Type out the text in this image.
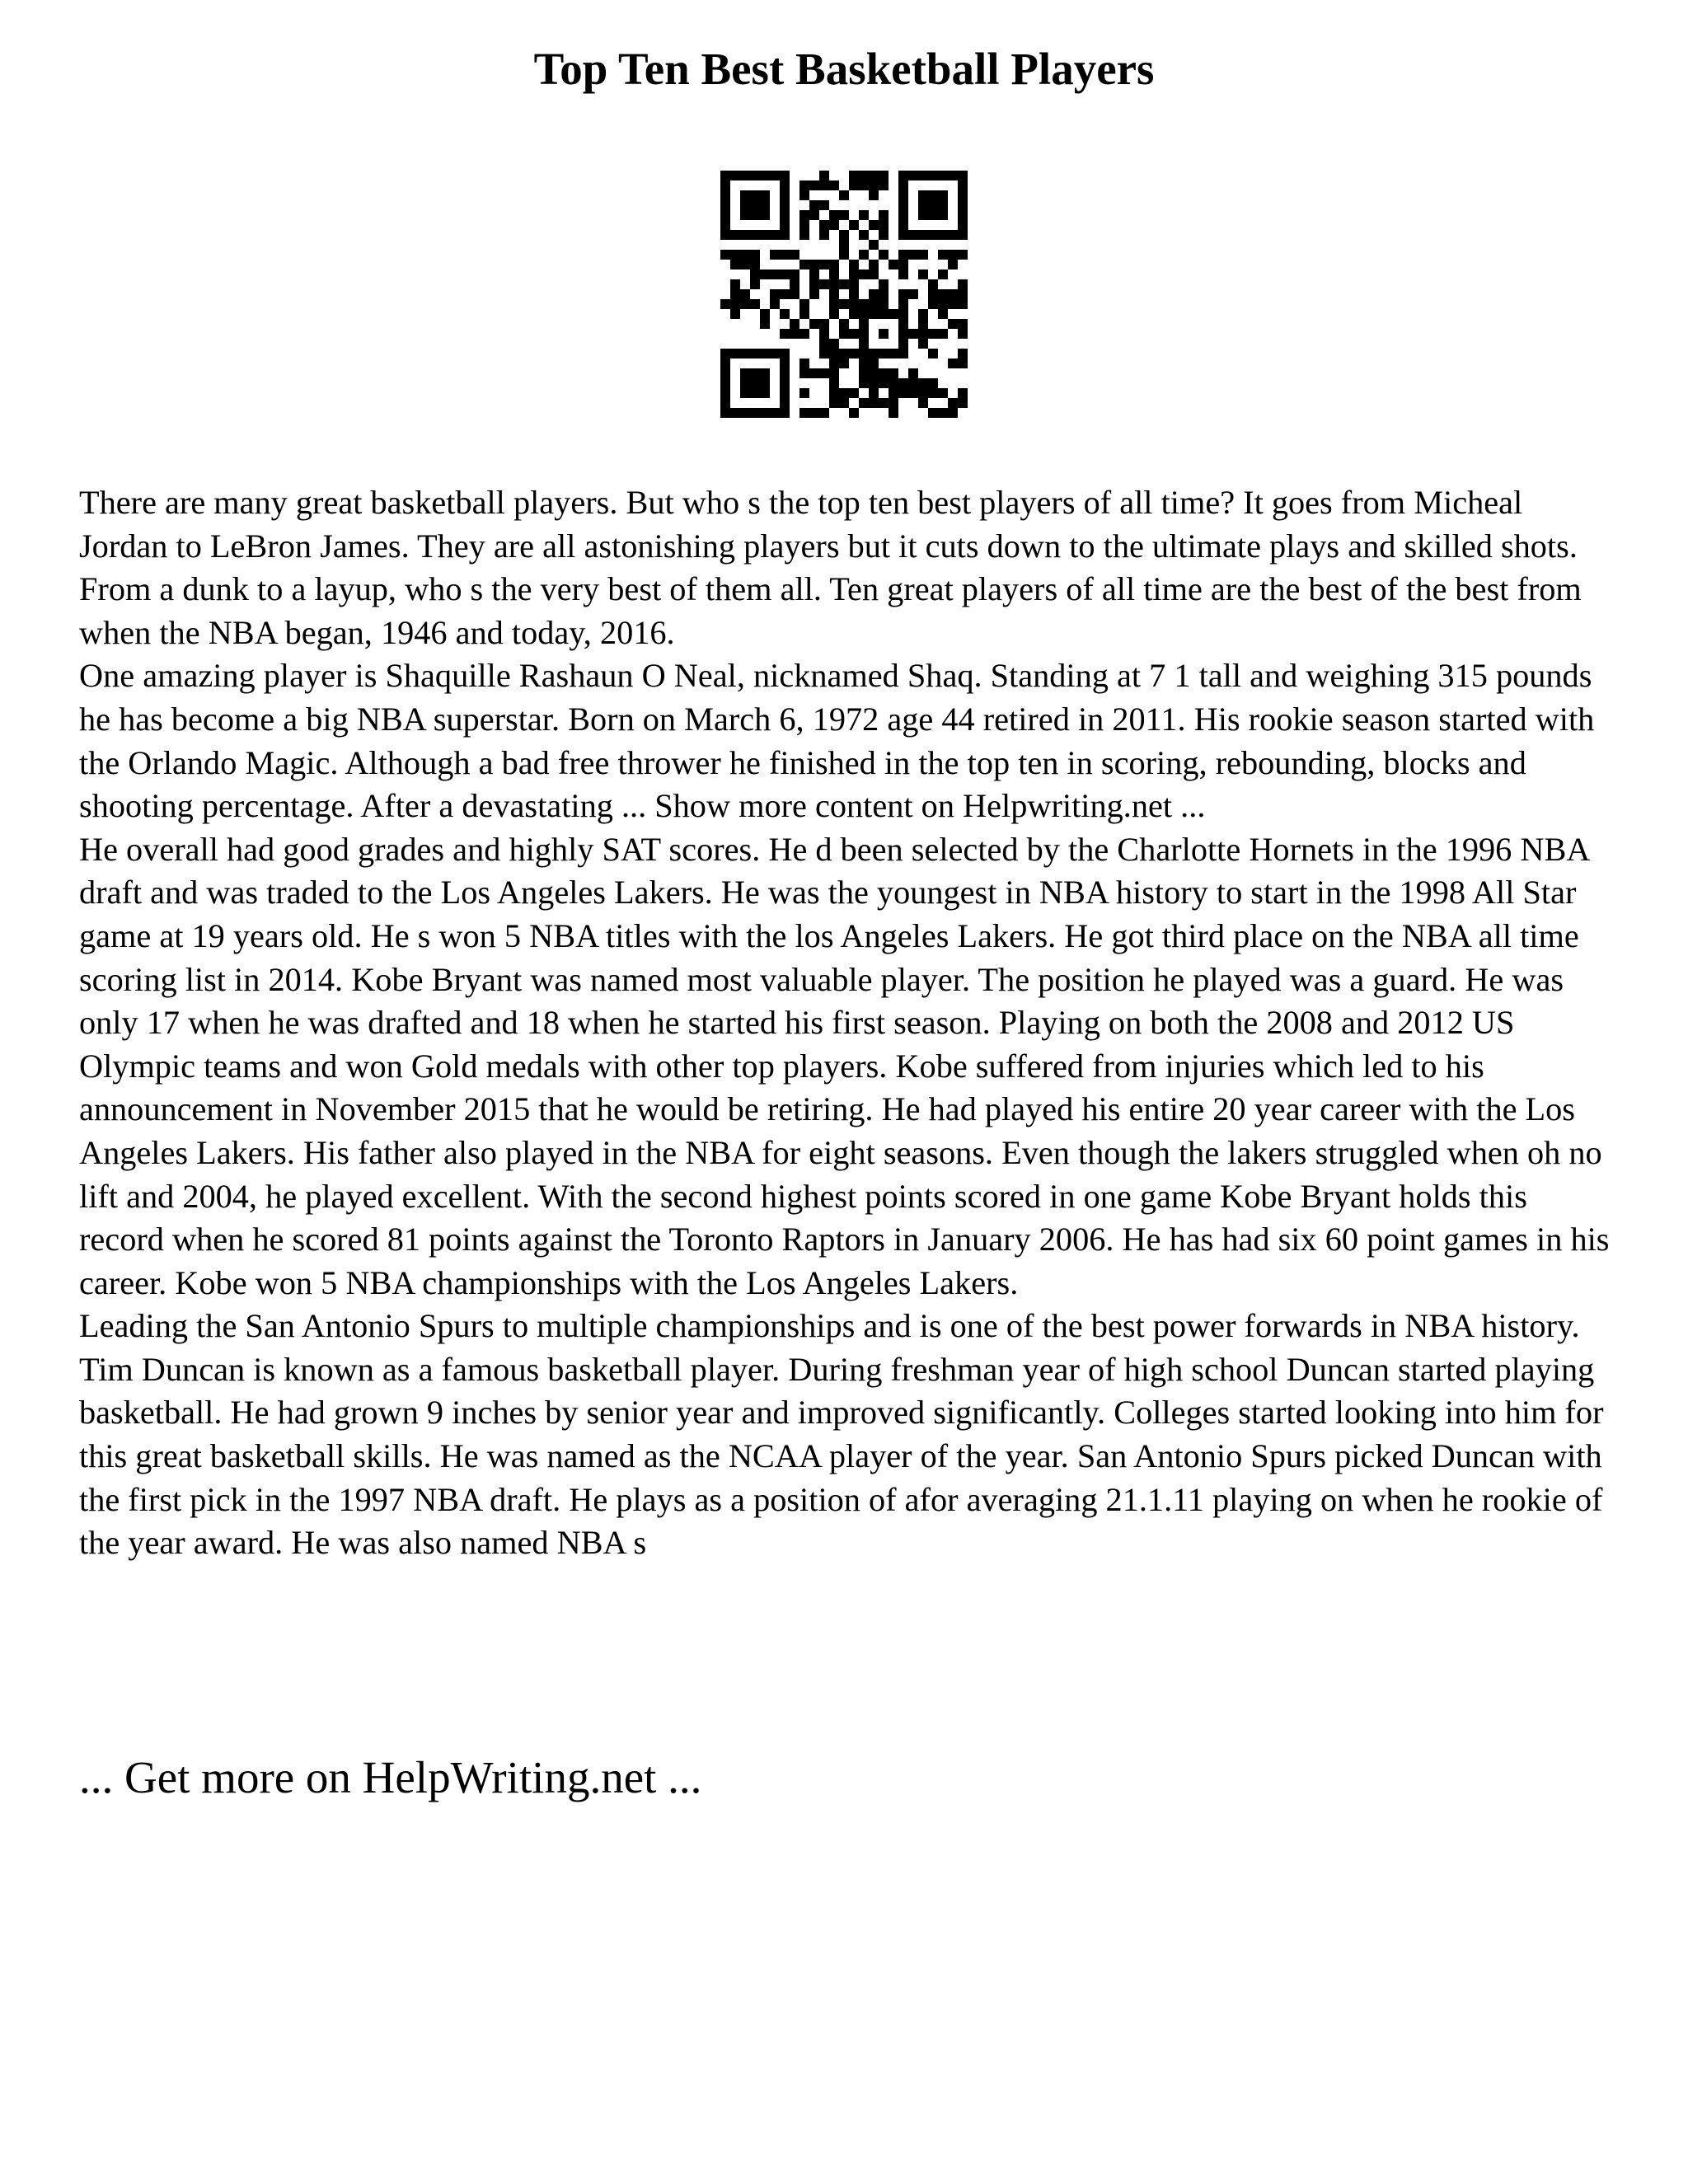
Top Ten Best Basketball Players

There are many great basketball players. But who s the top ten best players of all time? It goes from Micheal Jordan to LeBron James. They are all astonishing players but it cuts down to the ultimate plays and skilled shots. From a dunk to a layup, who s the very best of them all. Ten great players of all time are the best of the best from when the NBA began, 1946 and today, 2016.

One amazing player is Shaquille Rashaun O Neal, nicknamed Shaq. Standing at 7 1 tall and weighing 315 pounds he has become a big NBA superstar. Born on March 6, 1972 age 44 retired in 2011. His rookie season started with the Orlando Magic. Although a bad free thrower he finished in the top ten in scoring, rebounding, blocks and shooting percentage. After a devastating ... Show more content on Helpwriting.net ...

He overall had good grades and highly SAT scores. He d been selected by the Charlotte Hornets in the 1996 NBA draft and was traded to the Los Angeles Lakers. He was the youngest in NBA history to start in the 1998 All Star game at 19 years old. He s won 5 NBA titles with the los Angeles Lakers. He got third place on the NBA all time scoring list in 2014. Kobe Bryant was named most valuable player. The position he played was a guard. He was only 17 when he was drafted and 18 when he started his first season. Playing on both the 2008 and 2012 US Olympic teams and won Gold medals with other top players. Kobe suffered from injuries which led to his announcement in November 2015 that he would be retiring. He had played his entire 20 year career with the Los Angeles Lakers. His father also played in the NBA for eight seasons. Even though the lakers struggled when oh no lift and 2004, he played excellent. With the second highest points scored in one game Kobe Bryant holds this record when he scored 81 points against the Toronto Raptors in January 2006. He has had six 60 point games in his career. Kobe won 5 NBA championships with the Los Angeles Lakers.

Leading the San Antonio Spurs to multiple championships and is one of the best power forwards in NBA history. Tim Duncan is known as a famous basketball player. During freshman year of high school Duncan started playing basketball. He had grown 9 inches by senior year and improved significantly. Colleges started looking into him for this great basketball skills. He was named as the NCAA player of the year. San Antonio Spurs picked Duncan with the first pick in the 1997 NBA draft. He plays as a position of afor averaging 21.1.11 playing on when he rookie of the year award. He was also named NBA s

... Get more on HelpWriting.net ...
